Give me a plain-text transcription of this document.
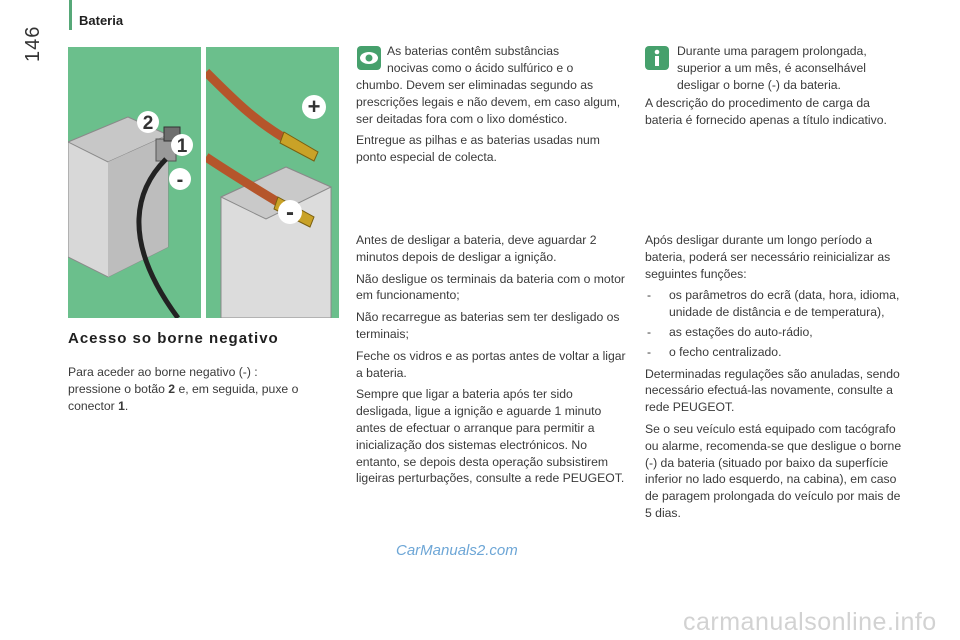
Bateria
146
2
1
-
+
-
Acesso so borne negativo
Para aceder ao borne negativo (-) :
pressione o botão 2 e, em seguida, puxe o
conector 1.
As baterias contêm substâncias
nocivas como o ácido sulfúrico e o

chumbo. Devem ser eliminadas segundo as prescrições legais e não devem, em caso algum, ser deitadas fora com o lixo doméstico.

Entregue as pilhas e as baterias usadas num ponto especial de colecta.

Antes de desligar a bateria, deve aguardar 2 minutos depois de desligar a ignição.

Não desligue os terminais da bateria com o motor em funcionamento;

Não recarregue as baterias sem ter desligado os terminais;

Feche os vidros e as portas antes de voltar a ligar a bateria.

Sempre que ligar a bateria após ter sido desligada, ligue a ignição e aguarde 1 minuto antes de efectuar o arranque para permitir a inicialização dos sistemas electrónicos. No entanto, se depois desta operação subsistirem ligeiras perturbações, consulte a rede PEUGEOT.

Durante uma paragem prolongada, superior a um mês, é aconselhável desligar o borne (-) da bateria.
A descrição do procedimento de carga da bateria é fornecido apenas a título indicativo.

Após desligar durante um longo período a bateria, poderá ser necessário reinicializar as seguintes funções:

- os parâmetros do ecrã (data, hora, idioma, unidade de distância e de temperatura),
- as estações do auto-rádio,
- o fecho centralizado.

Determinadas regulações são anuladas, sendo necessário efectuá-las novamente, consulte a rede PEUGEOT.

Se o seu veículo está equipado com tacógrafo ou alarme, recomenda-se que desligue o borne (-) da bateria (situado por baixo da superfície inferior no lado esquerdo, na cabina), em caso de paragem prolongada do veículo por mais de 5 dias.

CarManuals2.com
carmanualsonline.info
